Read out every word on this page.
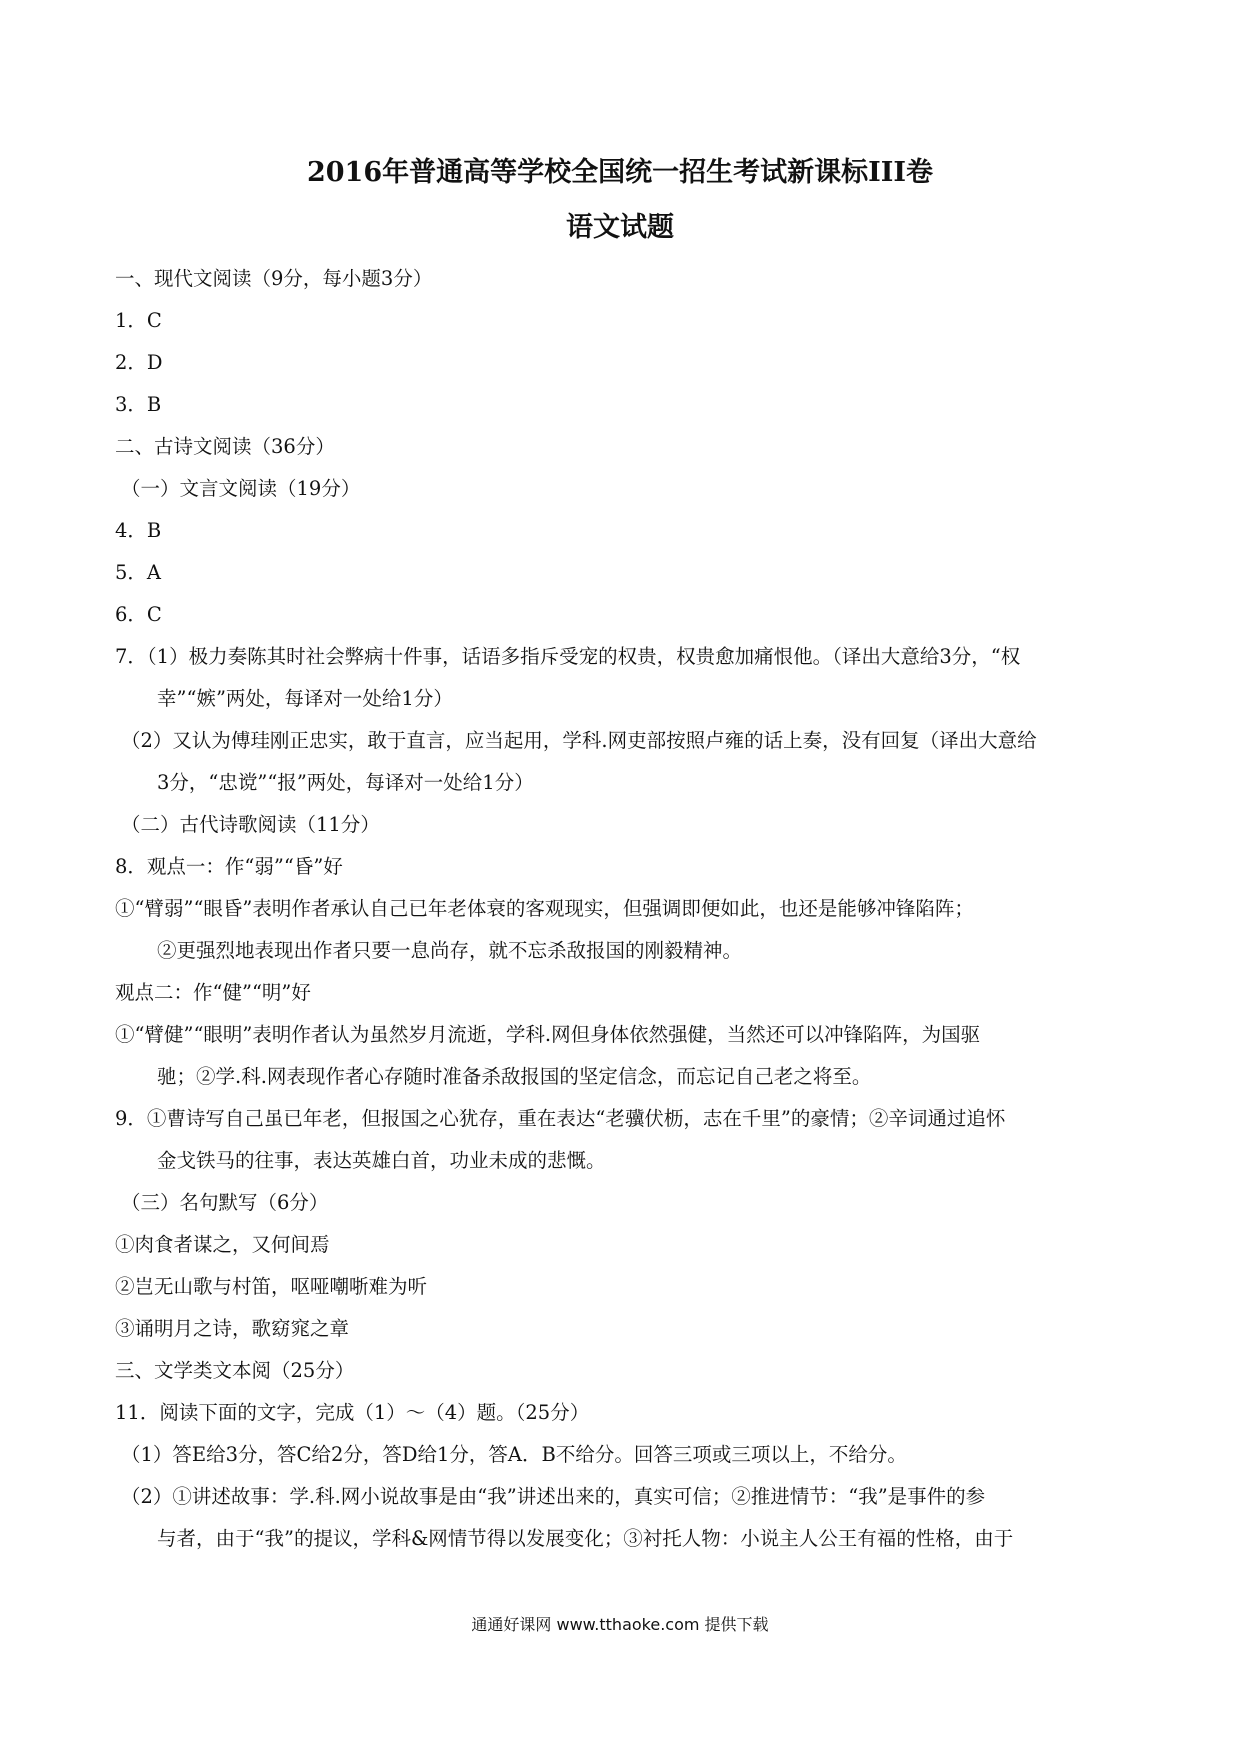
2016年普通高等学校全国统一招生考试新课标III卷
语文试题

一、现代文阅读（9分，每小题3分）

1．C

2．D

3．B

二、古诗文阅读（36分）

（一）文言文阅读（19分）

4．B

5．A

6．C

7．（1）极力奏陈其时社会弊病十件事，话语多指斥受宠的权贵，权贵愈加痛恨他。（译出大意给3分，“权

幸”“嫉”两处，每译对一处给1分）

（2）又认为傅珪刚正忠实，敢于直言，应当起用，学科.网吏部按照卢雍的话上奏，没有回复（译出大意给

3分，“忠谠”“报”两处，每译对一处给1分）

（二）古代诗歌阅读（11分）

8．观点一：作“弱”“昏”好

①“臂弱”“眼昏”表明作者承认自己已年老体衰的客观现实，但强调即便如此，也还是能够冲锋陷阵；

②更强烈地表现出作者只要一息尚存，就不忘杀敌报国的刚毅精神。

观点二：作“健”“明”好

①“臂健”“眼明”表明作者认为虽然岁月流逝，学科.网但身体依然强健，当然还可以冲锋陷阵，为国驱

驰；②学.科.网表现作者心存随时准备杀敌报国的坚定信念，而忘记自己老之将至。

9．①曹诗写自己虽已年老，但报国之心犹存，重在表达“老骥伏枥，志在千里”的豪情；②辛词通过追怀

金戈铁马的往事，表达英雄白首，功业未成的悲慨。

（三）名句默写（6分）

①肉食者谋之，又何间焉

②岂无山歌与村笛，呕哑嘲哳难为听

③诵明月之诗，歌窈窕之章

三、文学类文本阅（25分）

11．阅读下面的文字，完成（1）～（4）题。（25分）

（1）答E给3分，答C给2分，答D给1分，答A．B不给分。回答三项或三项以上，不给分。

（2）①讲述故事：学.科.网小说故事是由“我”讲述出来的，真实可信；②推进情节：“我”是事件的参

与者，由于“我”的提议，学科&网情节得以发展变化；③衬托人物：小说主人公王有福的性格，由于

通通好课网 www.tthaoke.com 提供下载
